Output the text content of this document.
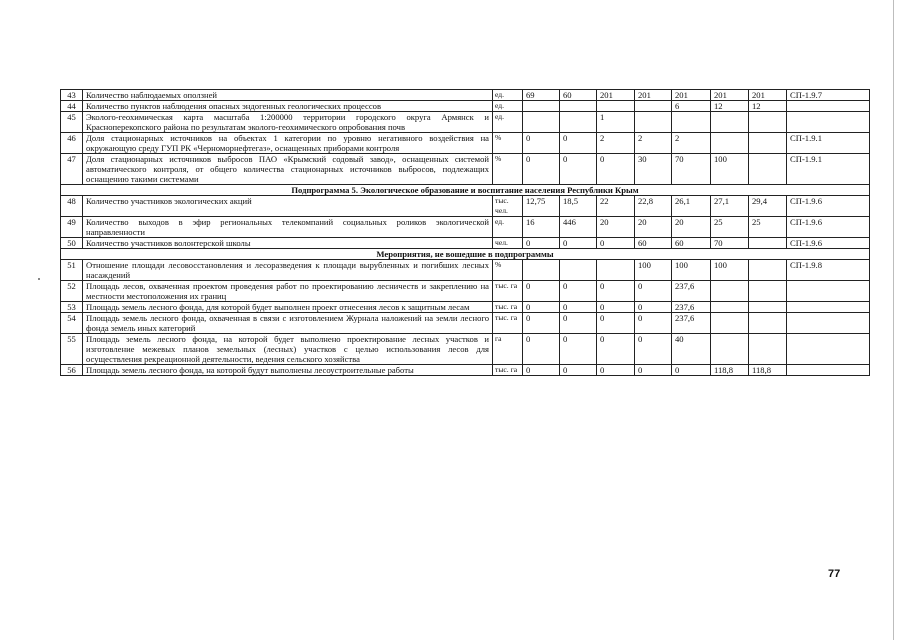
43	Количество наблюдаемых оползней	ед.	69	60	201	201	201	201	201	СП-1.9.7
44	Количество пунктов наблюдения опасных эндогенных геологических процессов	ед.					6	12	12	
45	Эколого-геохимическая карта масштаба 1:200000 территории городского округа Армянск и Красноперекопского района по результатам эколого-геохимического опробования почв	ед.			1					
46	Доля стационарных источников на объектах 1 категории по уровню негативного воздействия на окружающую среду ГУП РК «Черноморнефтегаз», оснащенных приборами контроля	%	0	0	2	2	2			СП-1.9.1
47	Доля стационарных источников выбросов ПАО «Крымский содовый завод», оснащенных системой автоматического контроля, от общего количества стационарных источников выбросов, подлежащих оснащению такими системами	%	0	0	0	30	70	100		СП-1.9.1
Подпрограмма 5. Экологическое образование и воспитание населения Республики Крым										
48	Количество участников экологических акций	тыс. чел.	12,75	18,5	22	22,8	26,1	27,1	29,4	СП-1.9.6
49	Количество выходов в эфир региональных телекомпаний социальных роликов экологической направленности	ед.	16	446	20	20	20	25	25	СП-1.9.6
50	Количество участников волонтерской школы	чел.	0	0	0	60	60	70		СП-1.9.6
Мероприятия, не вошедшие в подпрограммы										
51	Отношение площади лесовосстановления и лесоразведения к площади вырубленных и погибших лесных насаждений	%				100	100	100		СП-1.9.8
52	Площадь лесов, охваченная проектом проведения работ по проектированию лесничеств и закреплению на местности местоположения их границ	тыс. га	0	0	0	0	237,6			
53	Площадь земель лесного фонда, для которой будет выполнен проект отнесения лесов к защитным лесам	тыс. га	0	0	0	0	237,6			
54	Площадь земель лесного фонда, охваченная в связи с изготовлением Журнала наложений на земли лесного фонда земель иных категорий	тыс. га	0	0	0	0	237,6			
55	Площадь земель лесного фонда, на которой будет выполнено проектирование лесных участков и изготовление межевых планов земельных (лесных) участков с целью использования лесов для осуществления рекреационной деятельности, ведения сельского хозяйства	га	0	0	0	0	40			
56	Площадь земель лесного фонда, на которой будут выполнены лесоустроительные работы	тыс. га	0	0	0	0	0	118,8	118,8	
77
